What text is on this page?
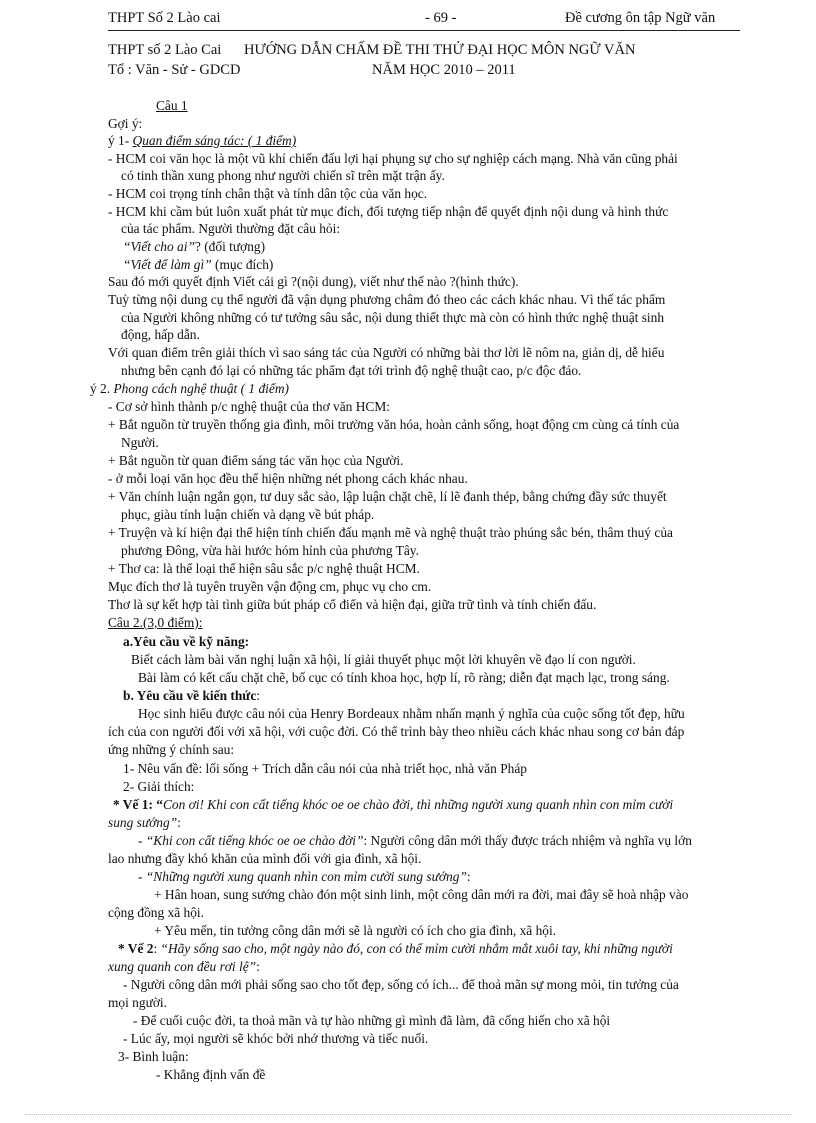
THPT Số 2 Lào cai	- 69 -	Đề cương ôn tập Ngữ văn
THPT số 2 Lào Cai HƯỚNG DẪN CHẤM ĐỀ THI THỬ ĐẠI HỌC MÔN NGỮ VĂN
Tổ : Văn - Sử - GDCD	NĂM HỌC 2010 – 2011
Câu 1
Gợi ý:
ý 1- Quan điểm sáng tác: ( 1 điểm)
- HCM coi văn học là một vũ khí chiến đấu lợi hại phụng sự cho sự nghiệp cách mạng. Nhà văn cũng phải
có tinh thần xung phong như người chiến sĩ trên mặt trận ấy.
- HCM coi trọng tính chân thật và tính dân tộc của văn học.
- HCM khi cầm bút luôn xuất phát từ mục đích, đối tượng tiếp nhận để quyết định nội dung và hình thức
của tác phẩm. Người thường đặt câu hỏi:
“Viết cho ai”? (đối tượng)
“Viết để làm gì” (mục đích)
Sau đó mới quyết định Viết cái gì ?(nội dung), viết như thế nào ?(hình thức).
Tuỳ từng nội dung cụ thể người đã vận dụng phương châm đó theo các cách khác nhau. Vì thế tác phẩm
của Người không những có tư tưởng sâu sắc, nội dung thiết thực mà còn có hình thức nghệ thuật sinh
động, hấp dẫn.
Với quan điểm trên giải thích vì sao sáng tác của Người có những bài thơ lời lẽ nôm na, giản dị, dễ hiểu
nhưng bên cạnh đó lại có những tác phẩm đạt tới trình độ nghệ thuật cao, p/c độc đáo.
ý 2. Phong cách nghệ thuật ( 1 điểm)
- Cơ sở hình thành p/c nghệ thuật của thơ văn HCM:
+ Bắt nguồn từ truyền thống gia đình, môi trường văn hóa, hoàn cảnh sống, hoạt động cm cùng cá tính của
Người.
+ Bắt nguồn từ quan điểm sáng tác văn học của Người.
- ở mỗi loại văn học đều thể hiện những nét phong cách khác nhau.
+ Văn chính luận ngắn gọn, tư duy sắc sảo, lập luận chặt chẽ, lí lẽ đanh thép, bằng chứng đầy sức thuyết
phục, giàu tính luận chiến và dạng về bút pháp.
+ Truyện và kí hiện đại thể hiện tính chiến đấu mạnh mẽ và nghệ thuật trào phúng sắc bén, thâm thuý của
phương Đông, vừa hài hước hóm hỉnh của phương Tây.
+ Thơ ca: là thể loại thể hiện sâu sắc p/c nghệ thuật HCM.
Mục đích thơ là tuyên truyền vận động cm, phục vụ cho cm.
Thơ là sự kết hợp tài tình giữa bút pháp cổ điển và hiện đại, giữa trữ tình và tính chiến đấu.
Câu 2.(3,0 điểm):
a.Yêu cầu về kỹ năng:
Biết cách làm bài văn nghị luận xã hội, lí giải thuyết phục một lời khuyên về đạo lí con người.
Bài làm có kết cấu chặt chẽ, bố cục có tính khoa học, hợp lí, rõ ràng; diễn đạt mạch lạc, trong sáng.
b. Yêu cầu về kiến thức:
Học sinh hiểu được câu nói của Henry Bordeaux nhằm nhấn mạnh ý nghĩa của cuộc sống tốt đẹp, hữu
ích của con người đối với xã hội, với cuộc đời. Có thể trình bày theo nhiều cách khác nhau song cơ bản đáp
ứng những ý chính sau:
1- Nêu vấn đề: lối sống + Trích dẫn câu nói của nhà triết học, nhà văn Pháp
2- Giải thích:
* Vế 1: “Con ơi! Khi con cất tiếng khóc oe oe chào đời, thì những người xung quanh nhìn con mỉm cười
sung sướng”:
- “Khi con cất tiếng khóc oe oe chào đời”: Người công dân mới thấy được trách nhiệm và nghĩa vụ lớn
lao nhưng đầy khó khăn của mình đối với gia đình, xã hội.
- “Những người xung quanh nhìn con mỉm cười sung sướng”:
+ Hân hoan, sung sướng chào đón một sinh linh, một công dân mới ra đời, mai đây sẽ hoà nhập vào
cộng đồng xã hội.
+ Yêu mến, tin tưởng công dân mới sẽ là người có ích cho gia đình, xã hội.
* Vế 2: “Hãy sống sao cho, một ngày nào đó, con có thể mỉm cười nhắm mắt xuôi tay, khi những người
xung quanh con đều rơi lệ”:
- Người công dân mới phải sống sao cho tốt đẹp, sống có ích... để thoả mãn sự mong mỏi, tin tưởng của
mọi người.
- Để cuối cuộc đời, ta thoả mãn và tự hào những gì mình đã làm, đã cống hiến cho xã hội
- Lúc ấy, mọi người sẽ khóc bởi nhớ thương và tiếc nuối.
3- Bình luận:
- Khẳng định vấn đề
